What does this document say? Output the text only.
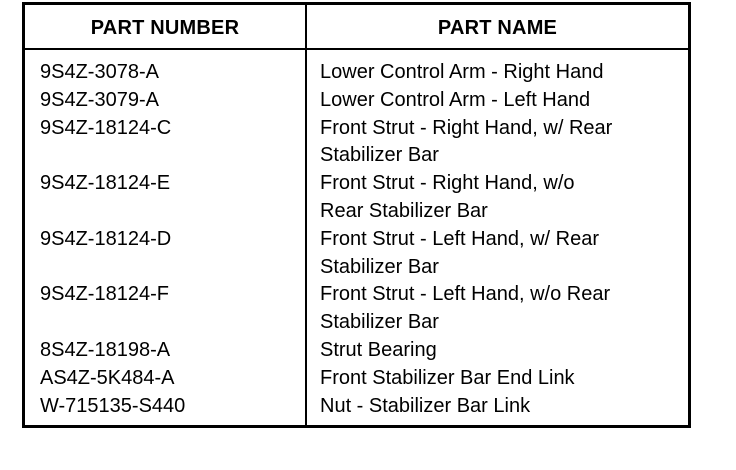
PART NUMBER	PART NAME
9S4Z-3078-A	Lower Control Arm - Right Hand
9S4Z-3079-A	Lower Control Arm - Left Hand
9S4Z-18124-C	Front Strut - Right Hand, w/ Rear
Stabilizer Bar
9S4Z-18124-E	Front Strut - Right Hand, w/o
Rear Stabilizer Bar
9S4Z-18124-D	Front Strut - Left Hand, w/ Rear
Stabilizer Bar
9S4Z-18124-F	Front Strut - Left Hand, w/o Rear
Stabilizer Bar
8S4Z-18198-A	Strut Bearing
AS4Z-5K484-A	Front Stabilizer Bar End Link
W-715135-S440	Nut - Stabilizer Bar Link
